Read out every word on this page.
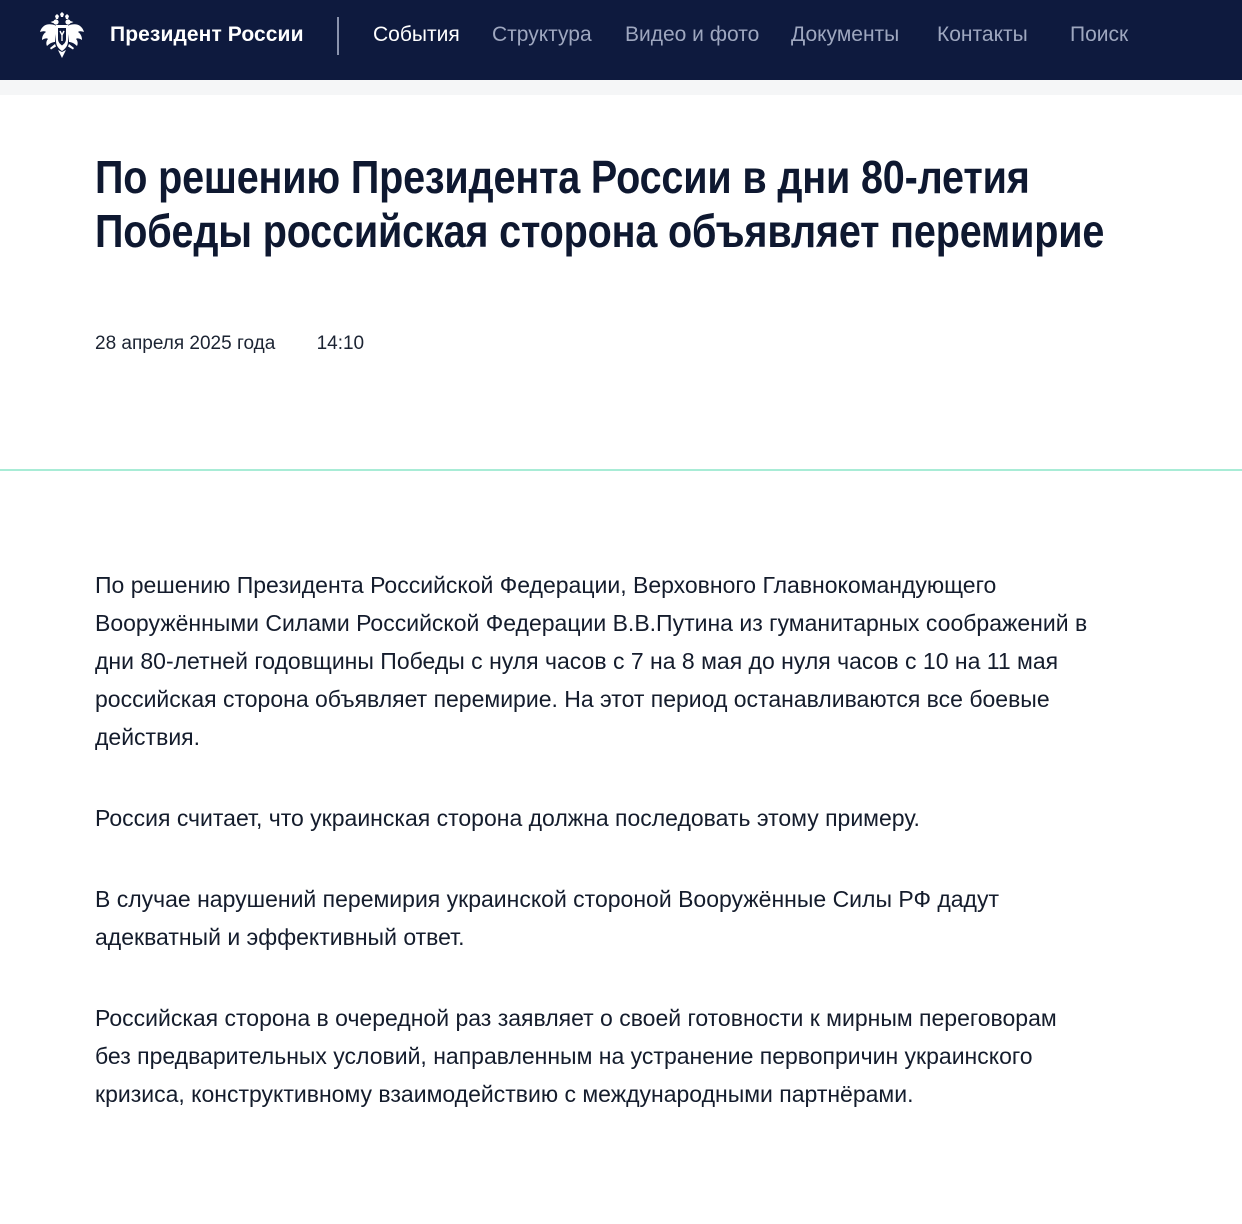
Президент России	События Структура Видео и фото Документы Контакты Поиск
По решению Президента России в дни 80-летия Победы российская сторона объявляет перемирие
28 апреля 2025 года 14:10

По решению Президента Российской Федерации, Верховного Главнокомандующего Вооружёнными Силами Российской Федерации В.В.Путина из гуманитарных соображений в дни 80-летней годовщины Победы с нуля часов с 7 на 8 мая до нуля часов с 10 на 11 мая российская сторона объявляет перемирие. На этот период останавливаются все боевые действия.

Россия считает, что украинская сторона должна последовать этому примеру.

В случае нарушений перемирия украинской стороной Вооружённые Силы РФ дадут адекватный и эффективный ответ.

Российская сторона в очередной раз заявляет о своей готовности к мирным переговорам без предварительных условий, направленным на устранение первопричин украинского кризиса, конструктивному взаимодействию с международными партнёрами.
